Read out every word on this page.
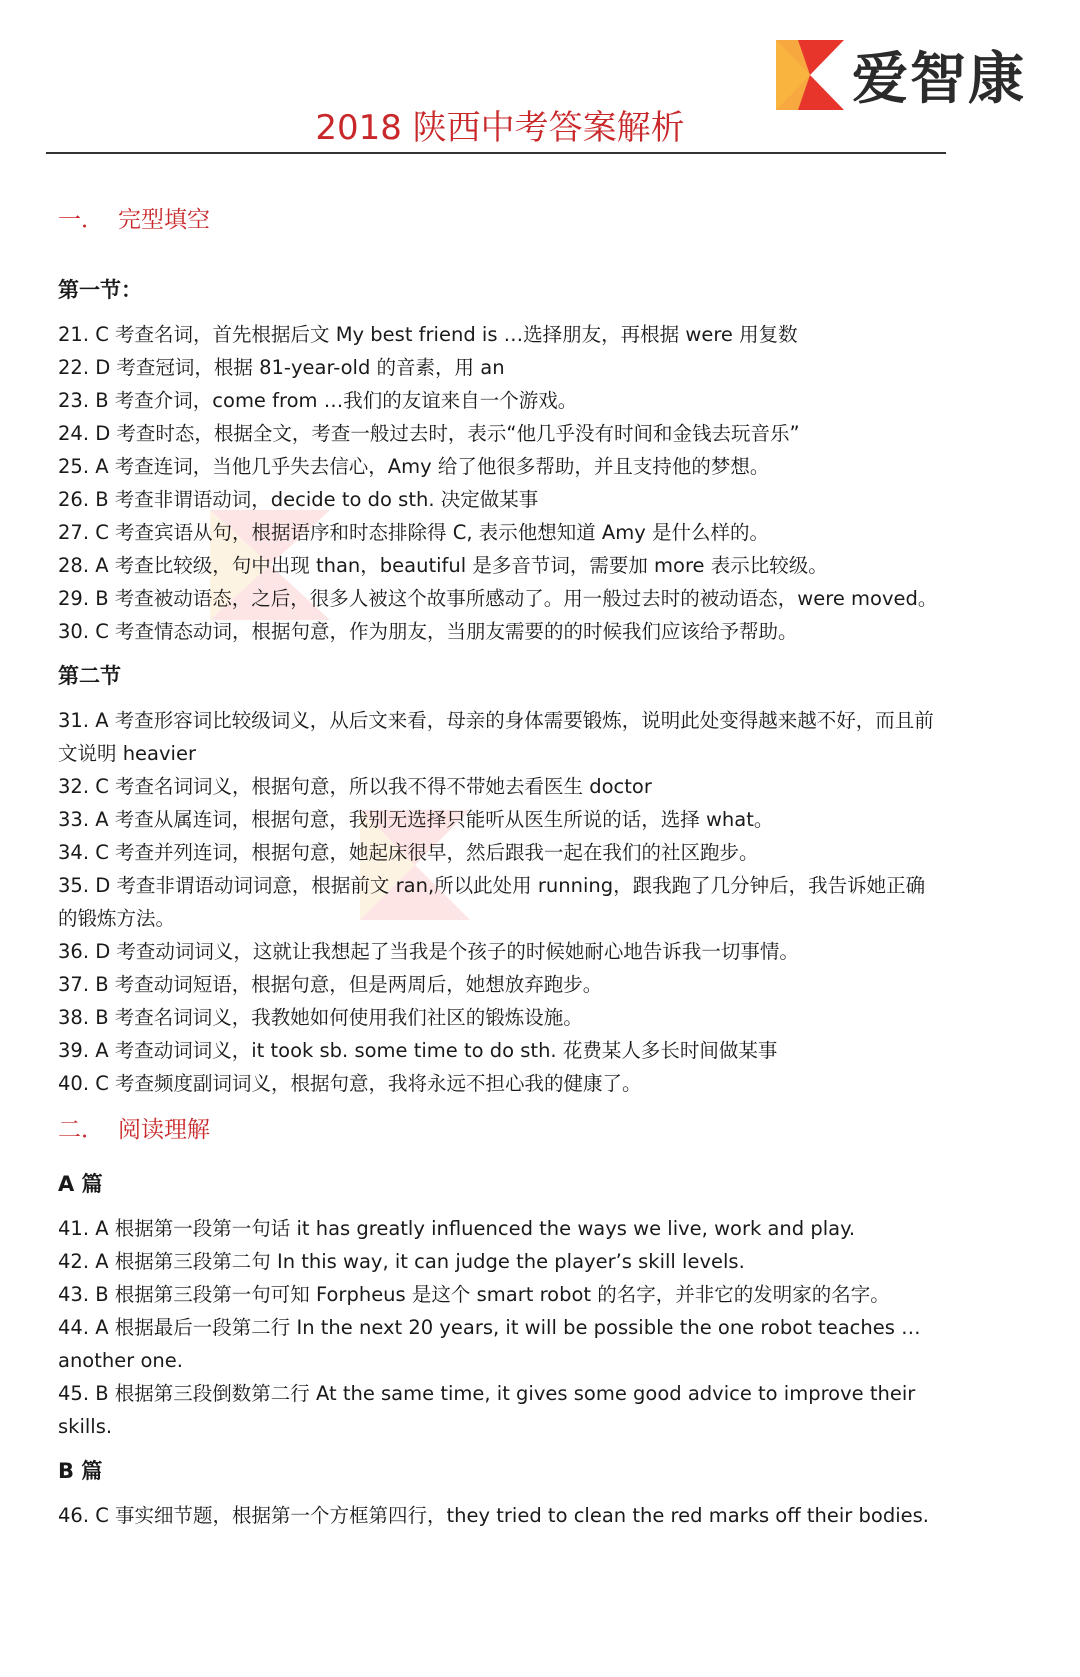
爱智康
2018 陕西中考答案解析

一． 完型填空

第一节：

21. C 考查名词，首先根据后文 My best friend is …选择朋友，再根据 were 用复数

22. D 考查冠词，根据 81-year-old 的音素，用 an

23. B 考查介词，come from …我们的友谊来自一个游戏。

24. D 考查时态，根据全文，考查一般过去时，表示“他几乎没有时间和金钱去玩音乐”

25. A 考查连词，当他几乎失去信心，Amy 给了他很多帮助，并且支持他的梦想。

26. B 考查非谓语动词，decide to do sth. 决定做某事

27. C 考查宾语从句，根据语序和时态排除得 C, 表示他想知道 Amy 是什么样的。

28. A 考查比较级，句中出现 than，beautiful 是多音节词，需要加 more 表示比较级。

29. B 考查被动语态，之后，很多人被这个故事所感动了。用一般过去时的被动语态，were moved。

30. C 考查情态动词，根据句意，作为朋友，当朋友需要的的时候我们应该给予帮助。

第二节

31. A 考查形容词比较级词义，从后文来看，母亲的身体需要锻炼，说明此处变得越来越不好，而且前文说明 heavier

32. C 考查名词词义，根据句意，所以我不得不带她去看医生 doctor

33. A 考查从属连词，根据句意，我别无选择只能听从医生所说的话，选择 what。

34. C 考查并列连词，根据句意，她起床很早，然后跟我一起在我们的社区跑步。

35. D 考查非谓语动词词意，根据前文 ran,所以此处用 running，跟我跑了几分钟后，我告诉她正确的锻炼方法。

36. D 考查动词词义，这就让我想起了当我是个孩子的时候她耐心地告诉我一切事情。

37. B 考查动词短语，根据句意，但是两周后，她想放弃跑步。

38. B 考查名词词义，我教她如何使用我们社区的锻炼设施。

39. A 考查动词词义，it took sb. some time to do sth. 花费某人多长时间做某事

40. C 考查频度副词词义，根据句意，我将永远不担心我的健康了。

二． 阅读理解

A 篇

41. A 根据第一段第一句话 it has greatly influenced the ways we live, work and play.

42. A 根据第三段第二句 In this way, it can judge the player’s skill levels.

43. B 根据第三段第一句可知 Forpheus 是这个 smart robot 的名字，并非它的发明家的名字。

44. A 根据最后一段第二行 In the next 20 years, it will be possible the one robot teaches … another one.

45. B 根据第三段倒数第二行 At the same time, it gives some good advice to improve their skills.

B 篇

46. C 事实细节题，根据第一个方框第四行，they tried to clean the red marks off their bodies.
